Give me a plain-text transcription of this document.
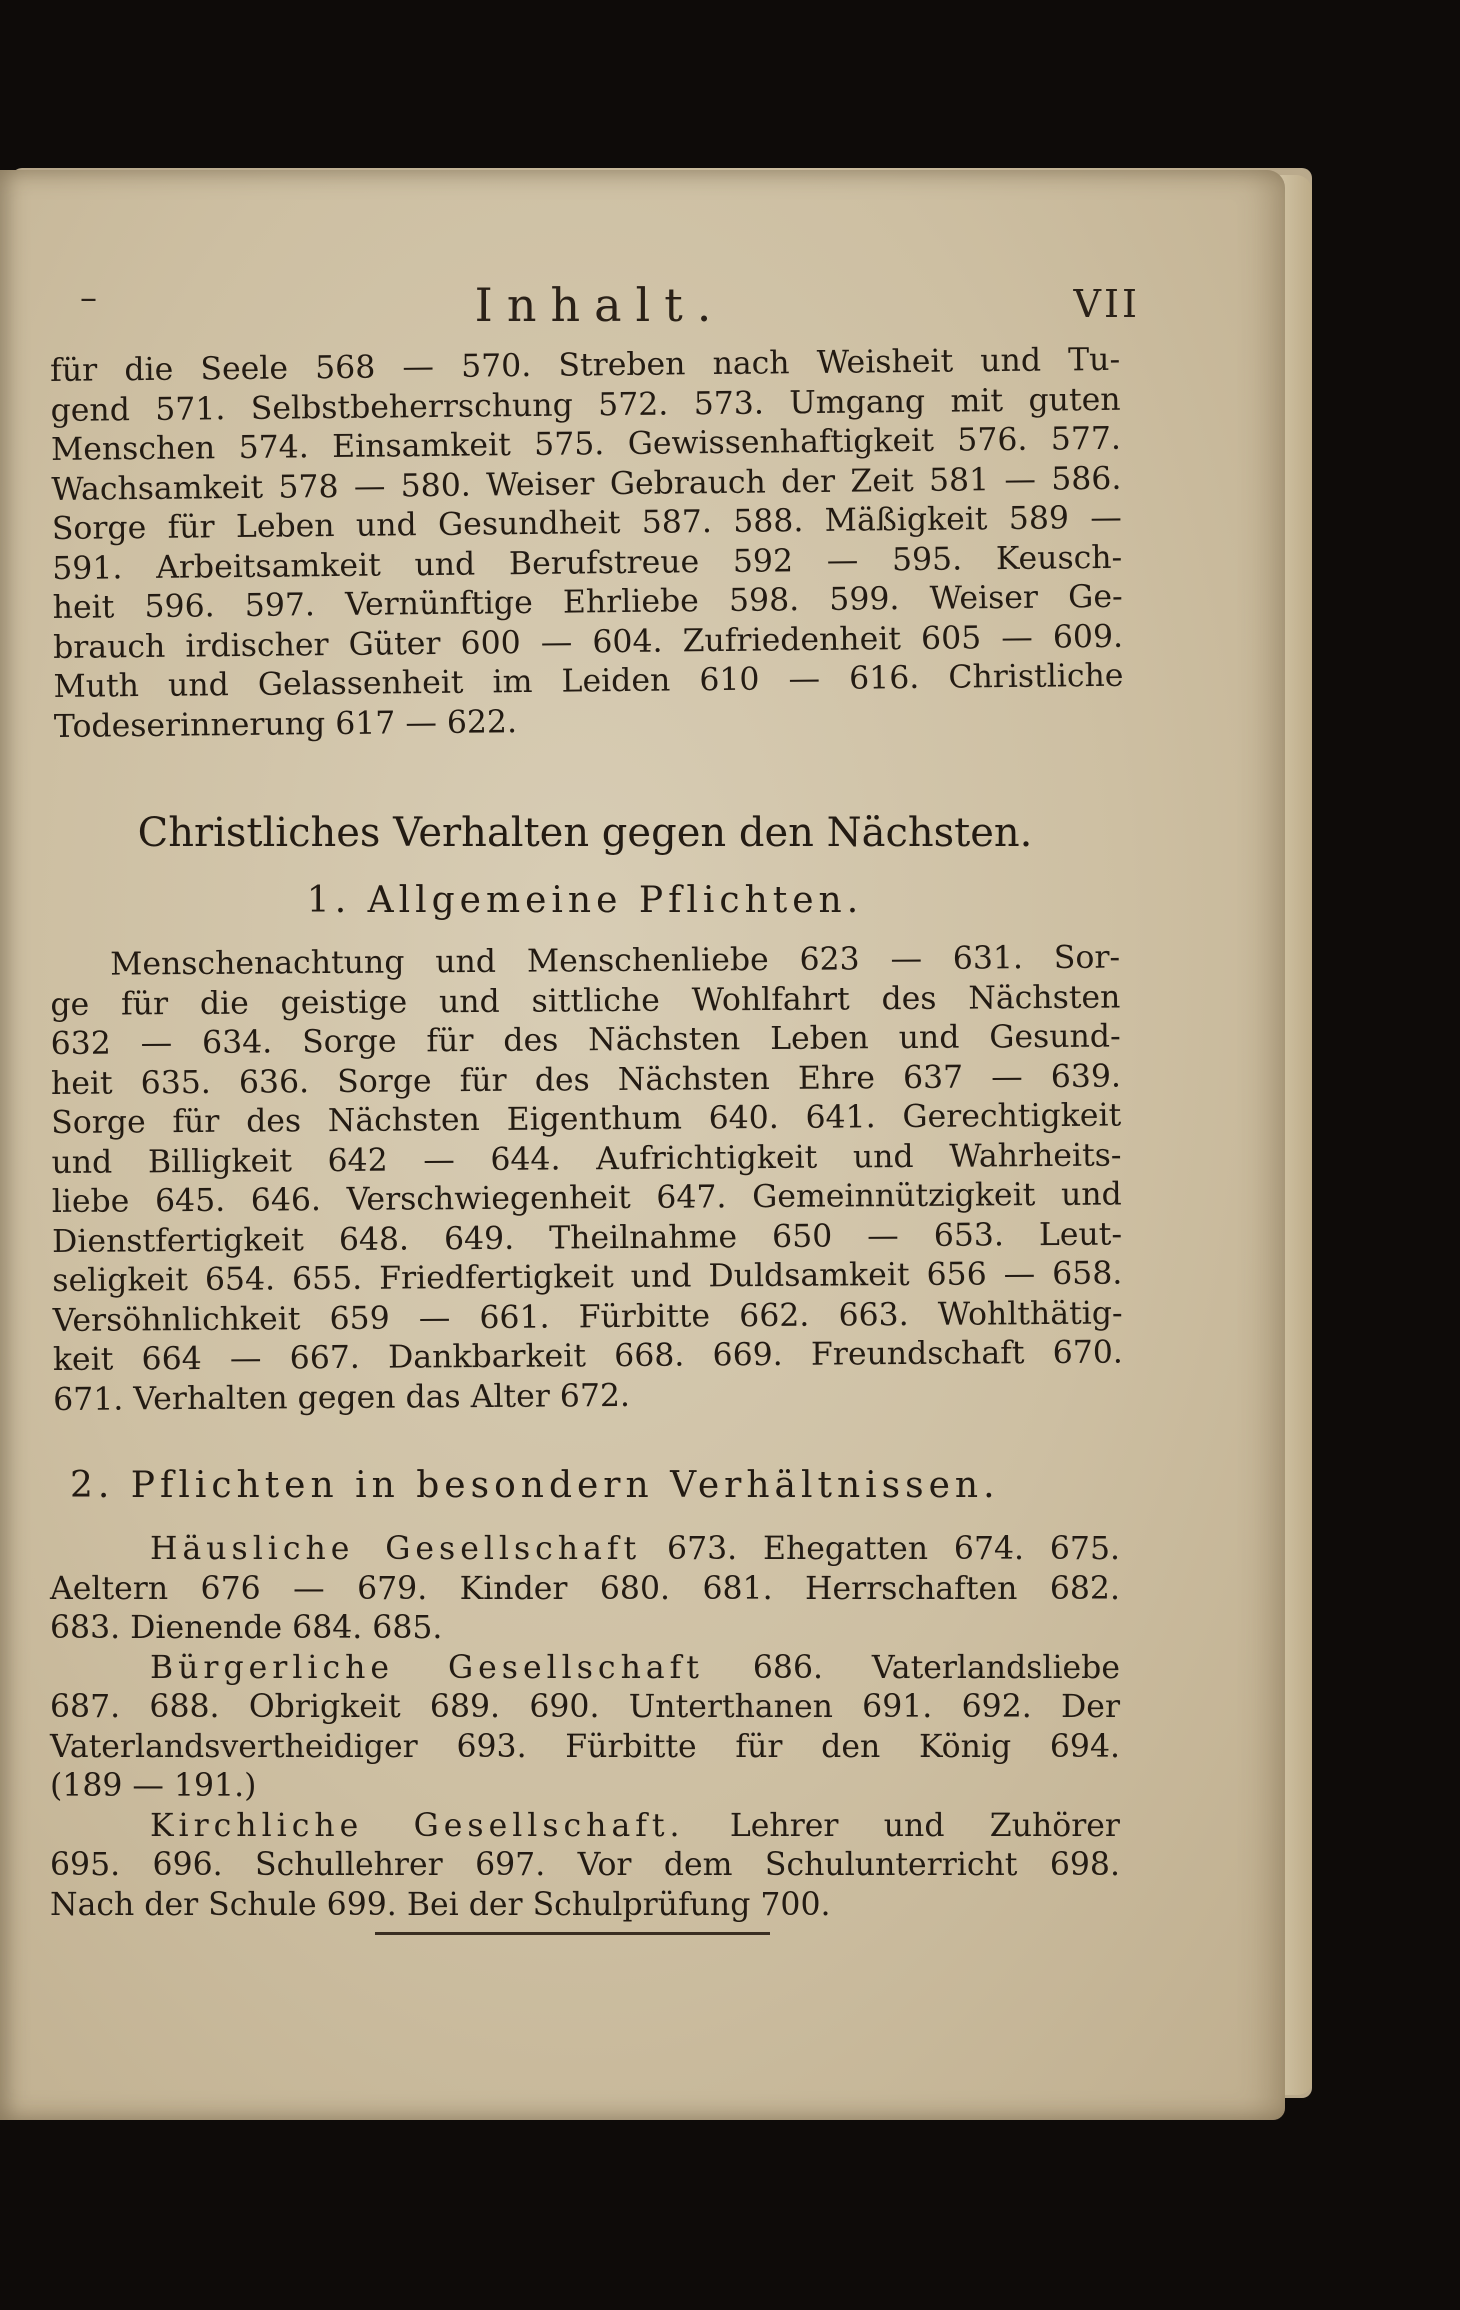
–	Inhalt.	VII
für die Seele 568 — 570. Streben nach Weisheit und Tu-
gend 571. Selbstbeherrschung 572. 573. Umgang mit guten
Menschen 574. Einsamkeit 575. Gewissenhaftigkeit 576. 577.
Wachsamkeit 578 — 580. Weiser Gebrauch der Zeit 581 — 586.
Sorge für Leben und Gesundheit 587. 588. Mäßigkeit 589 —
591. Arbeitsamkeit und Berufstreue 592 — 595. Keusch-
heit 596. 597. Vernünftige Ehrliebe 598. 599. Weiser Ge-
brauch irdischer Güter 600 — 604. Zufriedenheit 605 — 609.
Muth und Gelassenheit im Leiden 610 — 616. Christliche
Todeserinnerung 617 — 622.
Christliches Verhalten gegen den Nächsten.
1. Allgemeine Pflichten.
Menschenachtung und Menschenliebe 623 — 631. Sor-
ge für die geistige und sittliche Wohlfahrt des Nächsten
632 — 634. Sorge für des Nächsten Leben und Gesund-
heit 635. 636. Sorge für des Nächsten Ehre 637 — 639.
Sorge für des Nächsten Eigenthum 640. 641. Gerechtigkeit
und Billigkeit 642 — 644. Aufrichtigkeit und Wahrheits-
liebe 645. 646. Verschwiegenheit 647. Gemeinnützigkeit und
Dienstfertigkeit 648. 649. Theilnahme 650 — 653. Leut-
seligkeit 654. 655. Friedfertigkeit und Duldsamkeit 656 — 658.
Versöhnlichkeit 659 — 661. Fürbitte 662. 663. Wohlthätig-
keit 664 — 667. Dankbarkeit 668. 669. Freundschaft 670.
671. Verhalten gegen das Alter 672.
2. Pflichten in besondern Verhältnissen.
Häusliche Gesellschaft 673. Ehegatten 674. 675.
Aeltern 676 — 679. Kinder 680. 681. Herrschaften 682.
683. Dienende 684. 685.
Bürgerliche Gesellschaft 686. Vaterlandsliebe
687. 688. Obrigkeit 689. 690. Unterthanen 691. 692. Der
Vaterlandsvertheidiger 693. Fürbitte für den König 694.
(189 — 191.)
Kirchliche Gesellschaft. Lehrer und Zuhörer
695. 696. Schullehrer 697. Vor dem Schulunterricht 698.
Nach der Schule 699. Bei der Schulprüfung 700.
